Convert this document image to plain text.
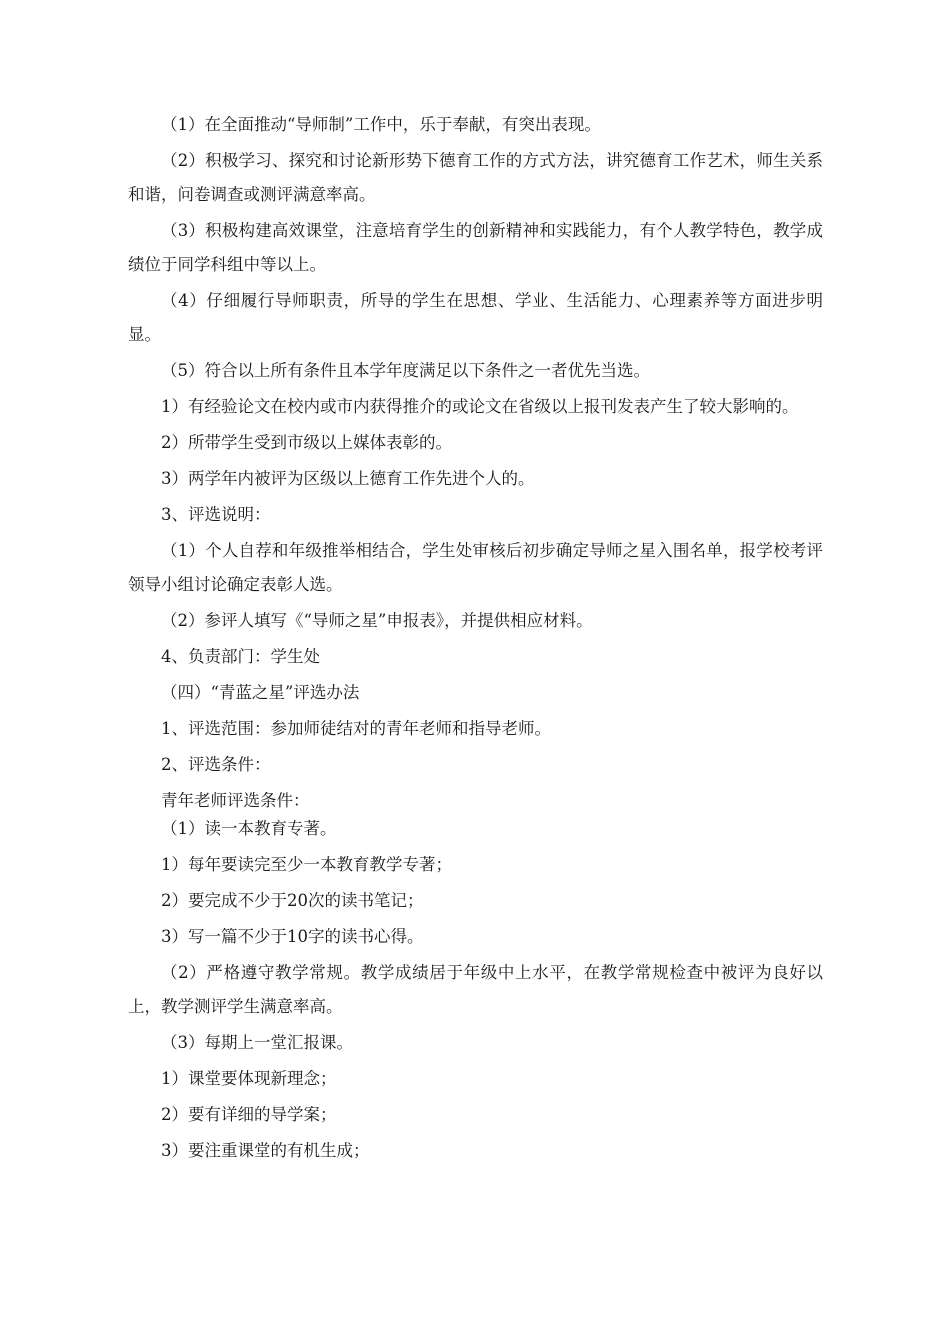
（1）在全面推动“导师制”工作中，乐于奉献，有突出表现。

（2）积极学习、探究和讨论新形势下德育工作的方式方法，讲究德育工作艺术，师生关系和谐，问卷调查或测评满意率高。

（3）积极构建高效课堂，注意培育学生的创新精神和实践能力，有个人教学特色，教学成绩位于同学科组中等以上。

（4）仔细履行导师职责，所导的学生在思想、学业、生活能力、心理素养等方面进步明显。

（5）符合以上所有条件且本学年度满足以下条件之一者优先当选。

1）有经验论文在校内或市内获得推介的或论文在省级以上报刊发表产生了较大影响的。

2）所带学生受到市级以上媒体表彰的。

3）两学年内被评为区级以上德育工作先进个人的。

3、评选说明：

（1）个人自荐和年级推举相结合，学生处审核后初步确定导师之星入围名单，报学校考评领导小组讨论确定表彰人选。

（2）参评人填写《“导师之星”申报表》，并提供相应材料。

4、负责部门：学生处

（四）“青蓝之星”评选办法

1、评选范围：参加师徒结对的青年老师和指导老师。

2、评选条件：

青年老师评选条件：

（1）读一本教育专著。

1）每年要读完至少一本教育教学专著；

2）要完成不少于20次的读书笔记；

3）写一篇不少于10字的读书心得。

（2）严格遵守教学常规。教学成绩居于年级中上水平，在教学常规检查中被评为良好以上，教学测评学生满意率高。

（3）每期上一堂汇报课。

1）课堂要体现新理念；

2）要有详细的导学案；

3）要注重课堂的有机生成；
